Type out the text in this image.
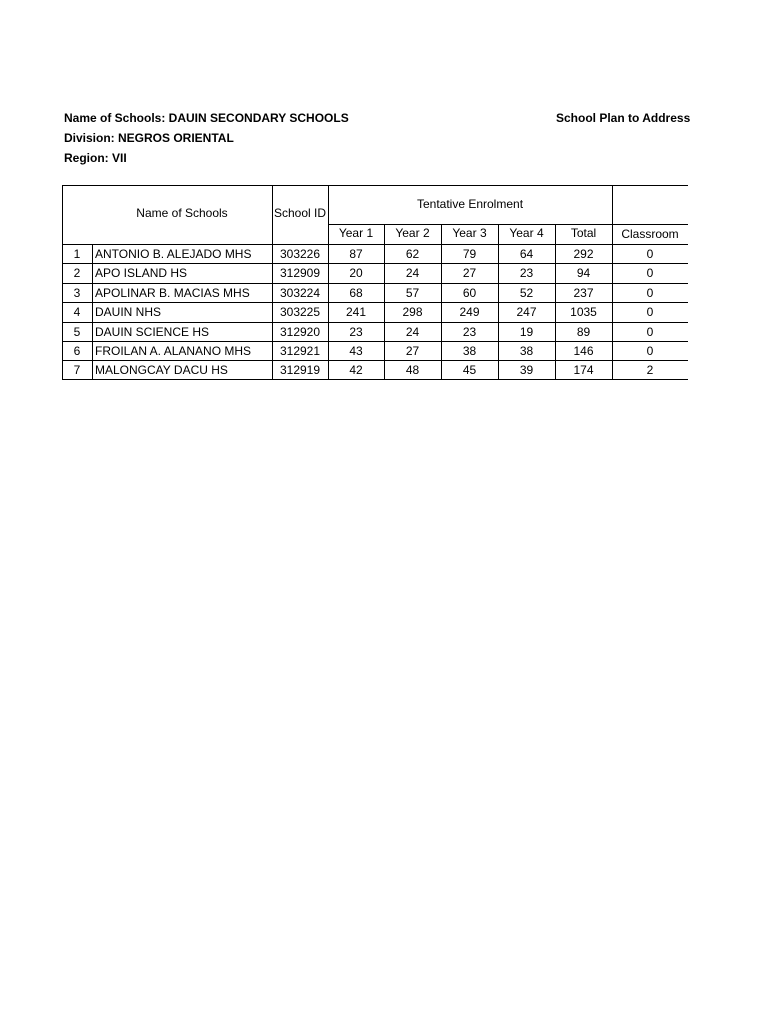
Name of Schools: DAUIN SECONDARY SCHOOLS
Division: NEGROS ORIENTAL
Region: VII
School Plan to Address
Name of Schools	School ID
Tentative Enrolment
Year 1	Year 2	Year 3	Year 4	Total	Classroom
1	ANTONIO B. ALEJADO MHS	303226	87	62	79	64	292	0
2	APO ISLAND HS	312909	20	24	27	23	94	0
3	APOLINAR B. MACIAS MHS	303224	68	57	60	52	237	0
4	DAUIN NHS	303225	241	298	249	247	1035	0
5	DAUIN SCIENCE HS	312920	23	24	23	19	89	0
6	FROILAN A. ALANANO MHS	312921	43	27	38	38	146	0
7	MALONGCAY DACU HS	312919	42	48	45	39	174	2
